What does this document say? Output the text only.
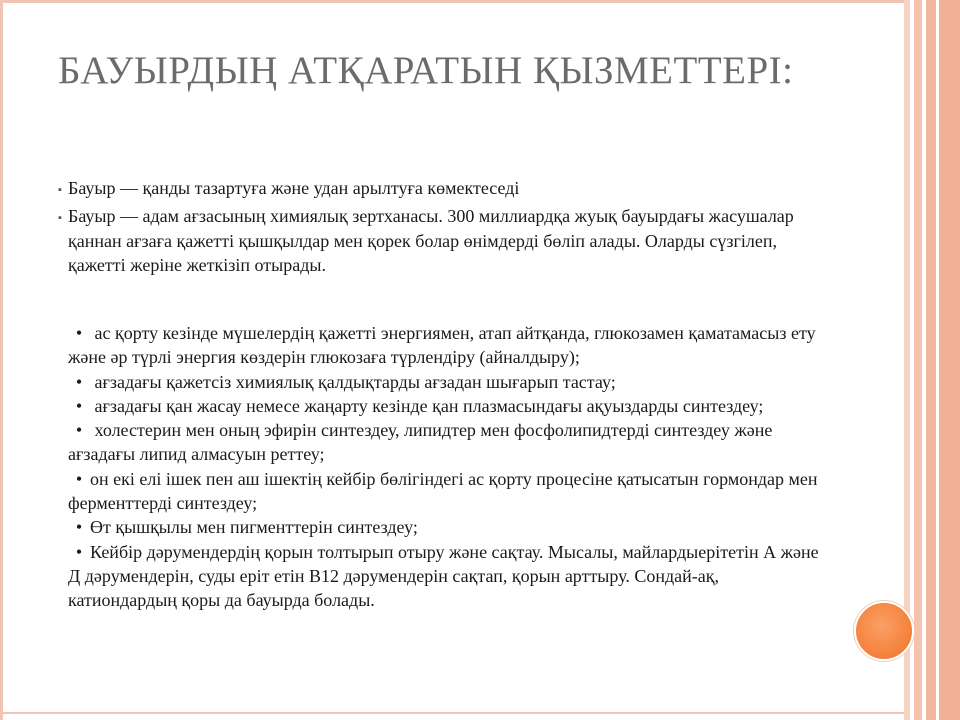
БАУЫРДЫҢ АТҚАРАТЫН ҚЫЗМЕТТЕРІ:
▪ Бауыр — қанды тазартуға және удан арылтуға көмектеседі
▪ Бауыр — адам ағзасының химиялық зертханасы. 300 миллиардқа жуық бауырдағы жасушалар қаннан ағзаға қажетті қышқылдар мен қорек болар өнімдерді бөліп алады. Оларды сүзгілеп, қажетті жеріне жеткізіп отырады.

• ас қорту кезінде мүшелердің қажетті энергиямен, атап айтқанда, глюкозамен қаматамасыз ету және әр түрлі энергия көздерін глюкозаға түрлендіру (айналдыру);

• ағзадағы қажетсіз химиялық қалдықтарды ағзадан шығарып тастау;

• ағзадағы қан жасау немесе жаңарту кезінде қан плазмасындағы ақуыздарды синтездеу;

• холестерин мен оның эфирін синтездеу, липидтер мен фосфолипидтерді синтездеу және ағзадағы липид алмасуын реттеу;

• он екі елі ішек пен аш ішектің кейбір бөлігіндегі ас қорту процесіне қатысатын гормондар мен ферменттерді синтездеу;

• Өт қышқылы мен пигменттерін синтездеу;

• Кейбір дәрумендердің қорын толтырып отыру және сақтау. Мысалы, майлардыерітетін А және Д дәрумендерін, суды еріт етін В12 дәрумендерін сақтап, қорын арттыру. Сондай-ақ, катиондардың қоры да бауырда болады.
